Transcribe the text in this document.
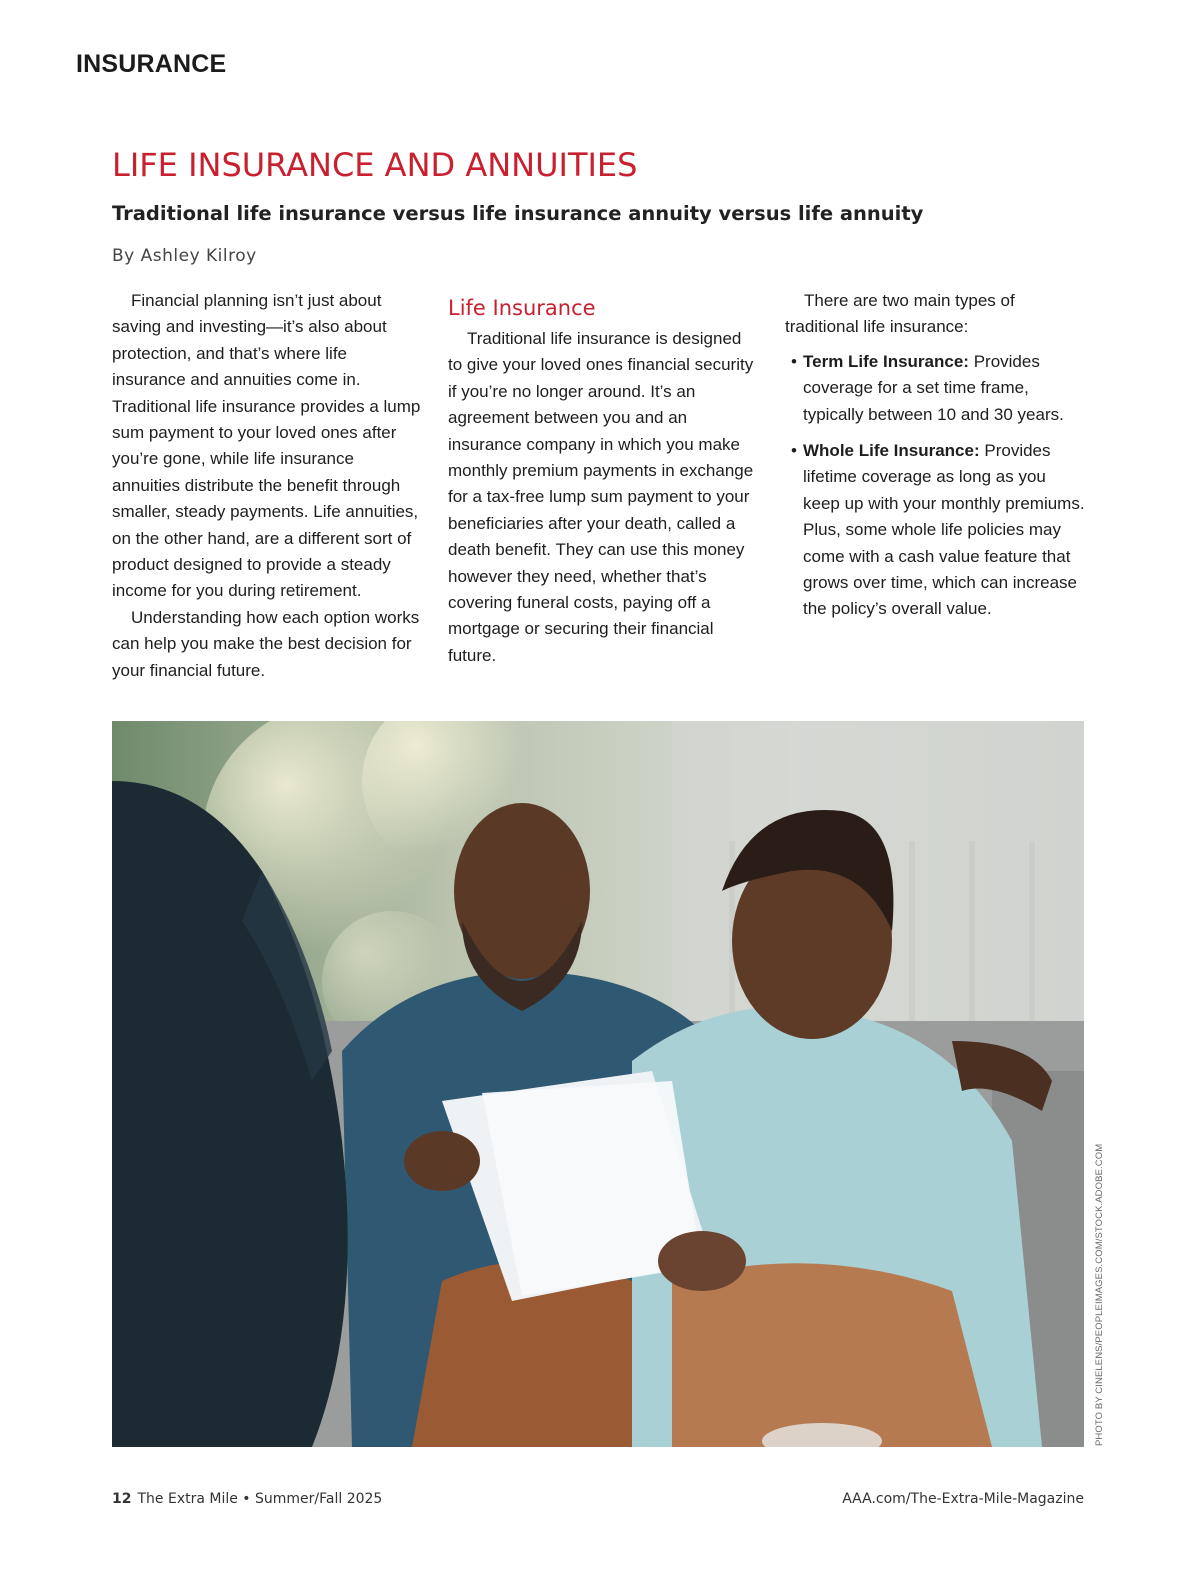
INSURANCE
LIFE INSURANCE AND ANNUITIES
Traditional life insurance versus life insurance annuity versus life annuity
By Ashley Kilroy

Financial planning isn’t just about saving and investing—it’s also about protection, and that’s where life insurance and annuities come in. Traditional life insurance provides a lump sum payment to your loved ones after you’re gone, while life insurance annuities distribute the benefit through smaller, steady payments. Life annuities, on the other hand, are a different sort of product designed to provide a steady income for you during retirement.

Understanding how each option works can help you make the best decision for your financial future.

Life Insurance

Traditional life insurance is designed to give your loved ones financial security if you’re no longer around. It’s an agreement between you and an insurance company in which you make monthly premium payments in exchange for a tax-free lump sum payment to your beneficiaries after your death, called a death benefit. They can use this money however they need, whether that’s covering funeral costs, paying off a mortgage or securing their financial future.

There are two main types of traditional life insurance:

• Term Life Insurance: Provides coverage for a set time frame, typically between 10 and 30 years.
• Whole Life Insurance: Provides lifetime coverage as long as you keep up with your monthly premiums. Plus, some whole life policies may come with a cash value feature that grows over time, which can increase the policy’s overall value.
PHOTO BY CINELENS/PEOPLEIMAGES.COM/STOCK.ADOBE.COM
12 The Extra Mile • Summer/Fall 2025	AAA.com/The-Extra-Mile-Magazine
